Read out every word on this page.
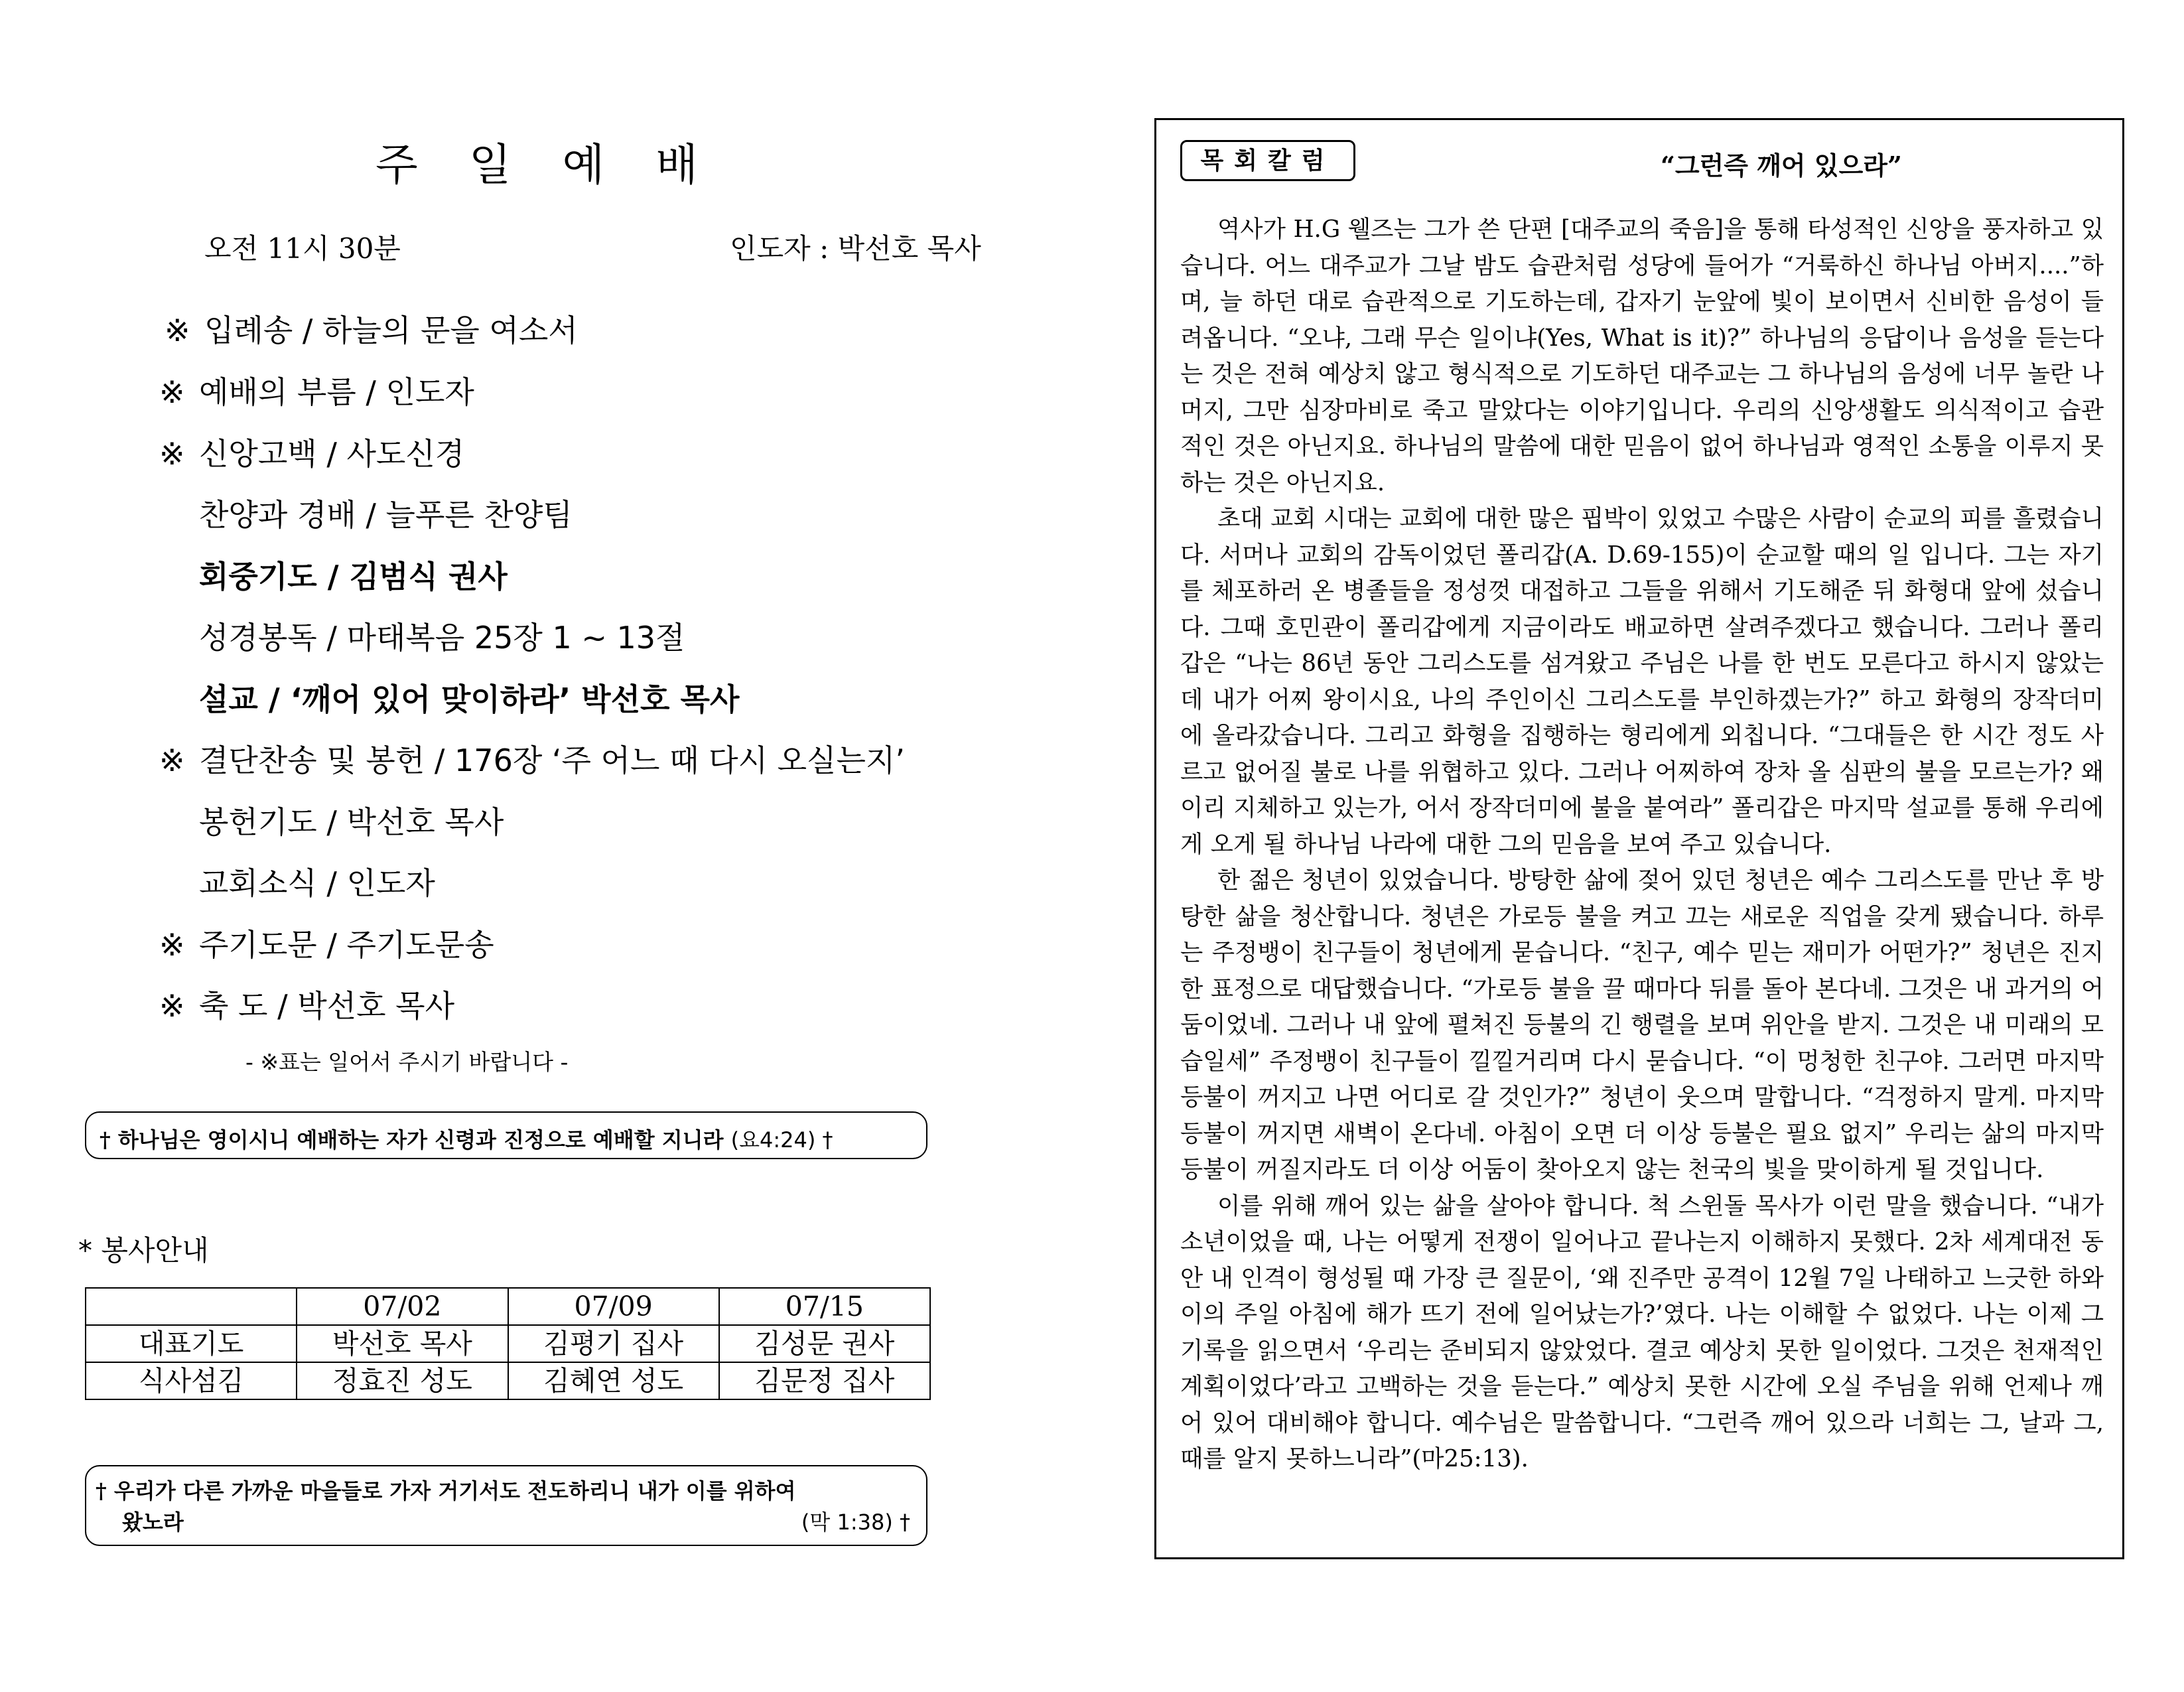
주 일 예 배
오전 11시 30분	인도자 : 박선호 목사
※ 입례송 / 하늘의 문을 여소서
※ 예배의 부름 / 인도자
※ 신앙고백 / 사도신경
찬양과 경배 / 늘푸른 찬양팀
회중기도 / 김범식 권사
성경봉독 / 마태복음 25장 1 ~ 13절
설교 / ‘깨어 있어 맞이하라’ 박선호 목사
※ 결단찬송 및 봉헌 / 176장 ‘주 어느 때 다시 오실는지’
봉헌기도 / 박선호 목사
교회소식 / 인도자
※ 주기도문 / 주기도문송
※ 축 도 / 박선호 목사
- ※표는 일어서 주시기 바랍니다 -
† 하나님은 영이시니 예배하는 자가 신령과 진정으로 예배할 지니라 (요4:24) †
* 봉사안내
	07/02	07/09	07/15
대표기도	박선호 목사	김평기 집사	김성문 권사
식사섬김	정효진 성도	김혜연 성도	김문정 집사
† 우리가 다른 가까운 마을들로 가자 거기서도 전도하리니 내가 이를 위하여
왔노라	(막 1:38) †
목회칼럼	“그런즉 깨어 있으라”

역사가 H.G 웰즈는 그가 쓴 단편 [대주교의 죽음]을 통해 타성적인 신앙을 풍자하고 있습니다. 어느 대주교가 그날 밤도 습관처럼 성당에 들어가 “거룩하신 하나님 아버지....”하며, 늘 하던 대로 습관적으로 기도하는데, 갑자기 눈앞에 빛이 보이면서 신비한 음성이 들려옵니다. “오냐, 그래 무슨 일이냐(Yes, What is it)?” 하나님의 응답이나 음성을 듣는다는 것은 전혀 예상치 않고 형식적으로 기도하던 대주교는 그 하나님의 음성에 너무 놀란 나머지, 그만 심장마비로 죽고 말았다는 이야기입니다. 우리의 신앙생활도 의식적이고 습관적인 것은 아닌지요. 하나님의 말씀에 대한 믿음이 없어 하나님과 영적인 소통을 이루지 못하는 것은 아닌지요.

초대 교회 시대는 교회에 대한 많은 핍박이 있었고 수많은 사람이 순교의 피를 흘렸습니다. 서머나 교회의 감독이었던 폴리갑(A. D.69-155)이 순교할 때의 일 입니다. 그는 자기를 체포하러 온 병졸들을 정성껏 대접하고 그들을 위해서 기도해준 뒤 화형대 앞에 섰습니다. 그때 호민관이 폴리갑에게 지금이라도 배교하면 살려주겠다고 했습니다. 그러나 폴리갑은 “나는 86년 동안 그리스도를 섬겨왔고 주님은 나를 한 번도 모른다고 하시지 않았는데 내가 어찌 왕이시요, 나의 주인이신 그리스도를 부인하겠는가?” 하고 화형의 장작더미에 올라갔습니다. 그리고 화형을 집행하는 형리에게 외칩니다. “그대들은 한 시간 정도 사르고 없어질 불로 나를 위협하고 있다. 그러나 어찌하여 장차 올 심판의 불을 모르는가? 왜 이리 지체하고 있는가, 어서 장작더미에 불을 붙여라” 폴리갑은 마지막 설교를 통해 우리에게 오게 될 하나님 나라에 대한 그의 믿음을 보여 주고 있습니다.

한 젊은 청년이 있었습니다. 방탕한 삶에 젖어 있던 청년은 예수 그리스도를 만난 후 방탕한 삶을 청산합니다. 청년은 가로등 불을 켜고 끄는 새로운 직업을 갖게 됐습니다. 하루는 주정뱅이 친구들이 청년에게 묻습니다. “친구, 예수 믿는 재미가 어떤가?” 청년은 진지한 표정으로 대답했습니다. “가로등 불을 끌 때마다 뒤를 돌아 본다네. 그것은 내 과거의 어둠이었네. 그러나 내 앞에 펼쳐진 등불의 긴 행렬을 보며 위안을 받지. 그것은 내 미래의 모습일세” 주정뱅이 친구들이 낄낄거리며 다시 묻습니다. “이 멍청한 친구야. 그러면 마지막 등불이 꺼지고 나면 어디로 갈 것인가?” 청년이 웃으며 말합니다. “걱정하지 말게. 마지막 등불이 꺼지면 새벽이 온다네. 아침이 오면 더 이상 등불은 필요 없지” 우리는 삶의 마지막 등불이 꺼질지라도 더 이상 어둠이 찾아오지 않는 천국의 빛을 맞이하게 될 것입니다.

이를 위해 깨어 있는 삶을 살아야 합니다. 척 스윈돌 목사가 이런 말을 했습니다. “내가 소년이었을 때, 나는 어떻게 전쟁이 일어나고 끝나는지 이해하지 못했다. 2차 세계대전 동안 내 인격이 형성될 때 가장 큰 질문이, ‘왜 진주만 공격이 12월 7일 나태하고 느긋한 하와이의 주일 아침에 해가 뜨기 전에 일어났는가?’였다. 나는 이해할 수 없었다. 나는 이제 그 기록을 읽으면서 ‘우리는 준비되지 않았었다. 결코 예상치 못한 일이었다. 그것은 천재적인 계획이었다’라고 고백하는 것을 듣는다.” 예상치 못한 시간에 오실 주님을 위해 언제나 깨어 있어 대비해야 합니다. 예수님은 말씀합니다. “그런즉 깨어 있으라 너희는 그, 날과 그, 때를 알지 못하느니라”(마25:13).
